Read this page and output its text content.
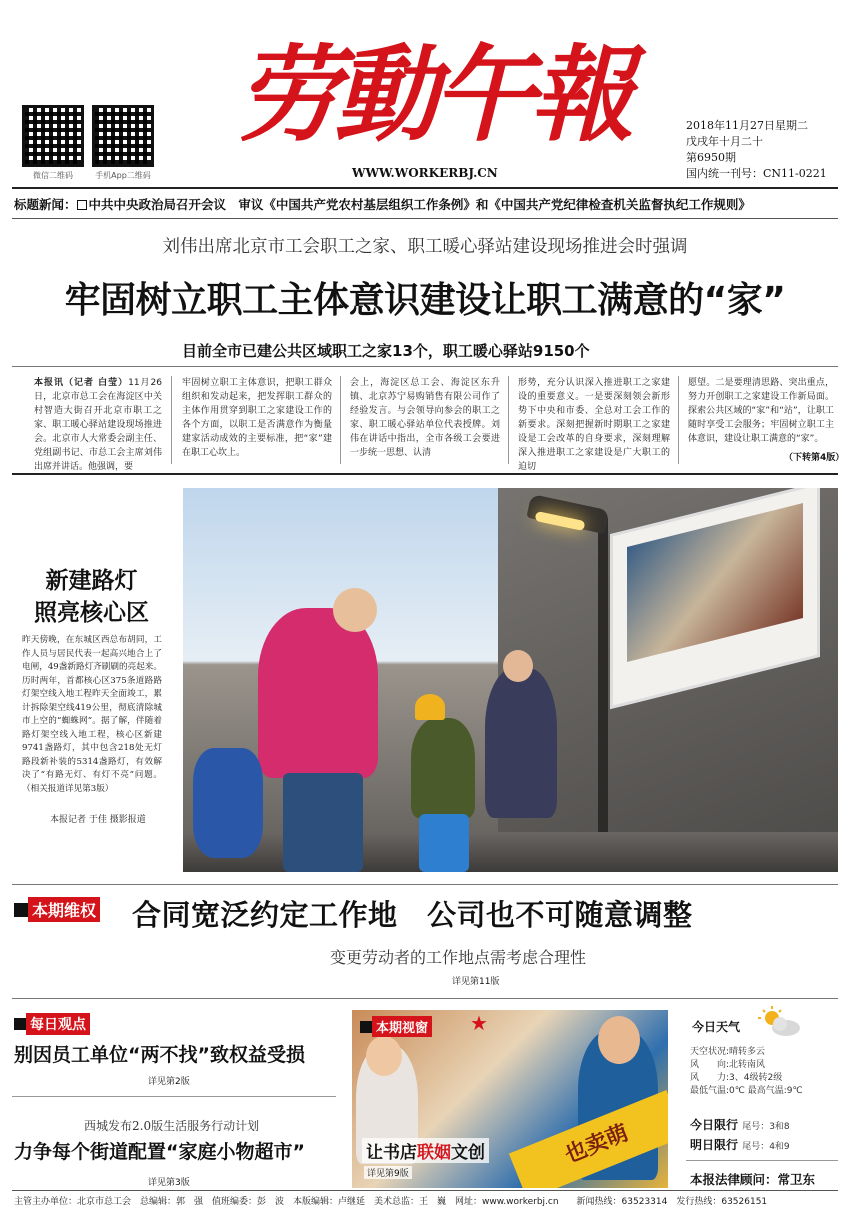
微信二维码	手机App二维码
劳動午報
WWW.WORKERBJ.CN
2018年11月27日星期二
戊戌年十月二十
第6950期
国内统一刊号：CN11-0221
标题新闻： 中共中央政治局召开会议 审议《中国共产党农村基层组织工作条例》和《中国共产党纪律检查机关监督执纪工作规则》
刘伟出席北京市工会职工之家、职工暖心驿站建设现场推进会时强调
牢固树立职工主体意识建设让职工满意的“家”
目前全市已建公共区域职工之家13个，职工暖心驿站9150个
本报讯（记者 白莹）11月26日，北京市总工会在海淀区中关村智造大街召开北京市职工之家、职工暖心驿站建设现场推进会。北京市人大常委会副主任、党组副书记、市总工会主席刘伟出席并讲话。他强调，要
牢固树立职工主体意识，把职工群众组织和发动起来，把发挥职工群众的主体作用贯穿到职工之家建设工作的各个方面，以职工是否满意作为衡量建家活动成效的主要标准，把“家”建在职工心坎上。
会上，海淀区总工会、海淀区东升镇、北京苏宁易购销售有限公司作了经验发言。与会领导向参会的职工之家、职工暖心驿站单位代表授牌。刘伟在讲话中指出，全市各级工会要进一步统一思想、认清
形势，充分认识深入推进职工之家建设的重要意义。一是要深刻领会新形势下中央和市委、全总对工会工作的新要求。深刻把握新时期职工之家建设是工会改革的自身要求，深刻理解深入推进职工之家建设是广大职工的迫切
愿望。二是要理清思路、突出重点，努力开创职工之家建设工作新局面。探索公共区域的“家”和“站”，让职工随时享受工会服务；牢固树立职工主体意识，建设让职工满意的“家”。
（下转第4版）
新建路灯
照亮核心区
昨天傍晚，在东城区西总布胡同，工作人员与居民代表一起高兴地合上了电闸，49盏新路灯齐刷刷的亮起来。历时两年，首都核心区375条道路路灯架空线入地工程昨天全面竣工，累计拆除架空线419公里，彻底清除城市上空的“蜘蛛网”。据了解，伴随着路灯架空线入地工程，核心区新建9741盏路灯，其中包含218处无灯路段新补装的5314盏路灯，有效解决了“有路无灯、有灯不亮”问题。（相关报道详见第3版）
本报记者 于佳 摄影报道
本期维权 合同宽泛约定工作地　公司也不可随意调整
变更劳动者的工作地点需考虑合理性
详见第11版
每日观点
别因员工单位“两不找”致权益受损
详见第2版
西城发布2.0版生活服务行动计划
力争每个街道配置“家庭小物超市”
详见第3版
也卖萌
本期视窗 ★
让书店联姻文创
详见第9版
今日天气
天空状况:晴转多云
风　　向:北转南风
风　　力:3、4级转2级
最低气温:0℃ 最高气温:9℃
今日限行 尾号：3和8
明日限行 尾号：4和9
本报法律顾问：常卫东
主管主办单位：北京市总工会　总编辑：郭　强　值班编委：彭　波　本版编辑：卢继延　美术总监：王　巍　网址：www.workerbj.cn　　新闻热线：63523314　发行热线：63526151
